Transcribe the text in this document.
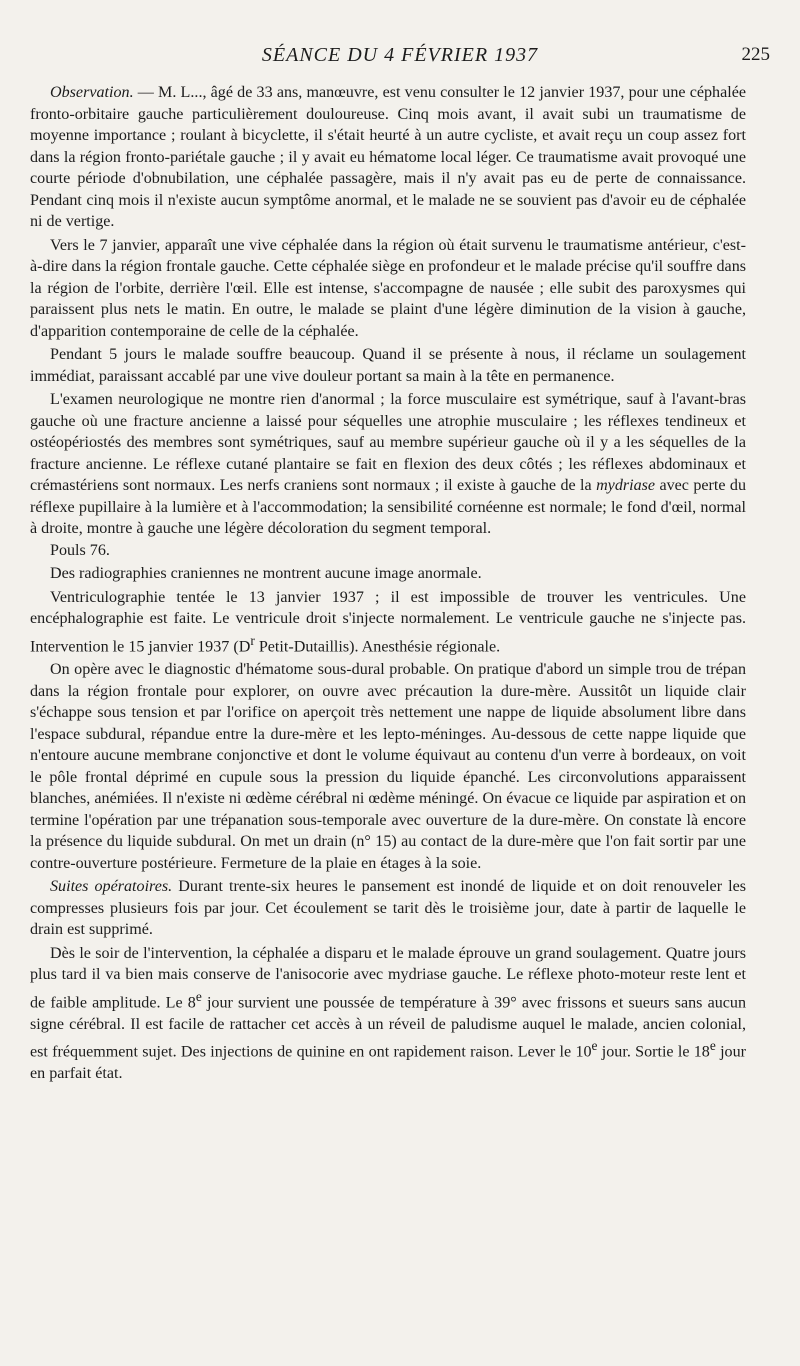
SÉANCE DU 4 FÉVRIER 1937	225

Observation. — M. L..., âgé de 33 ans, manœuvre, est venu consulter le 12 janvier 1937, pour une céphalée fronto-orbitaire gauche particulièrement douloureuse. Cinq mois avant, il avait subi un traumatisme de moyenne importance ; roulant à bicyclette, il s'était heurté à un autre cycliste, et avait reçu un coup assez fort dans la région fronto-pariétale gauche ; il y avait eu hématome local léger. Ce traumatisme avait provoqué une courte période d'obnubilation, une céphalée passagère, mais il n'y avait pas eu de perte de connaissance. Pendant cinq mois il n'existe aucun symptôme anormal, et le malade ne se souvient pas d'avoir eu de céphalée ni de vertige.

Vers le 7 janvier, apparaît une vive céphalée dans la région où était survenu le traumatisme antérieur, c'est-à-dire dans la région frontale gauche. Cette céphalée siège en profondeur et le malade précise qu'il souffre dans la région de l'orbite, derrière l'œil. Elle est intense, s'accompagne de nausée ; elle subit des paroxysmes qui paraissent plus nets le matin. En outre, le malade se plaint d'une légère diminution de la vision à gauche, d'apparition contemporaine de celle de la céphalée.

Pendant 5 jours le malade souffre beaucoup. Quand il se présente à nous, il réclame un soulagement immédiat, paraissant accablé par une vive douleur portant sa main à la tête en permanence.

L'examen neurologique ne montre rien d'anormal ; la force musculaire est symétrique, sauf à l'avant-bras gauche où une fracture ancienne a laissé pour séquelles une atrophie musculaire ; les réflexes tendineux et ostéopériostés des membres sont symétriques, sauf au membre supérieur gauche où il y a les séquelles de la fracture ancienne. Le réflexe cutané plantaire se fait en flexion des deux côtés ; les réflexes abdominaux et crémastériens sont normaux. Les nerfs craniens sont normaux ; il existe à gauche de la mydriase avec perte du réflexe pupillaire à la lumière et à l'accommodation; la sensibilité cornéenne est normale; le fond d'œil, normal à droite, montre à gauche une légère décoloration du segment temporal.

Pouls 76.

Des radiographies craniennes ne montrent aucune image anormale.

Ventriculographie tentée le 13 janvier 1937 ; il est impossible de trouver les ventricules. Une encéphalographie est faite. Le ventricule droit s'injecte normalement. Le ventricule gauche ne s'injecte pas. Intervention le 15 janvier 1937 ($D^r$ Petit-Dutaillis). Anesthésie régionale.

On opère avec le diagnostic d'hématome sous-dural probable. On pratique d'abord un simple trou de trépan dans la région frontale pour explorer, on ouvre avec précaution la dure-mère. Aussitôt un liquide clair s'échappe sous tension et par l'orifice on aperçoit très nettement une nappe de liquide absolument libre dans l'espace subdural, répandue entre la dure-mère et les lepto-méninges. Au-dessous de cette nappe liquide que n'entoure aucune membrane conjonctive et dont le volume équivaut au contenu d'un verre à bordeaux, on voit le pôle frontal déprimé en cupule sous la pression du liquide épanché. Les circonvolutions apparaissent blanches, anémiées. Il n'existe ni œdème cérébral ni œdème méningé. On évacue ce liquide par aspiration et on termine l'opération par une trépanation sous-temporale avec ouverture de la dure-mère. On constate là encore la présence du liquide subdural. On met un drain (n° 15) au contact de la dure-mère que l'on fait sortir par une contre-ouverture postérieure. Fermeture de la plaie en étages à la soie.

Suites opératoires. Durant trente-six heures le pansement est inondé de liquide et on doit renouveler les compresses plusieurs fois par jour. Cet écoulement se tarit dès le troisième jour, date à partir de laquelle le drain est supprimé.

Dès le soir de l'intervention, la céphalée a disparu et le malade éprouve un grand soulagement. Quatre jours plus tard il va bien mais conserve de l'anisocorie avec mydriase gauche. Le réflexe photo-moteur reste lent et de faible amplitude. Le 8e jour survient une poussée de température à 39° avec frissons et sueurs sans aucun signe cérébral. Il est facile de rattacher cet accès à un réveil de paludisme auquel le malade, ancien colonial, est fréquemment sujet. Des injections de quinine en ont rapidement raison. Lever le 10e jour. Sortie le 18e jour en parfait état.
